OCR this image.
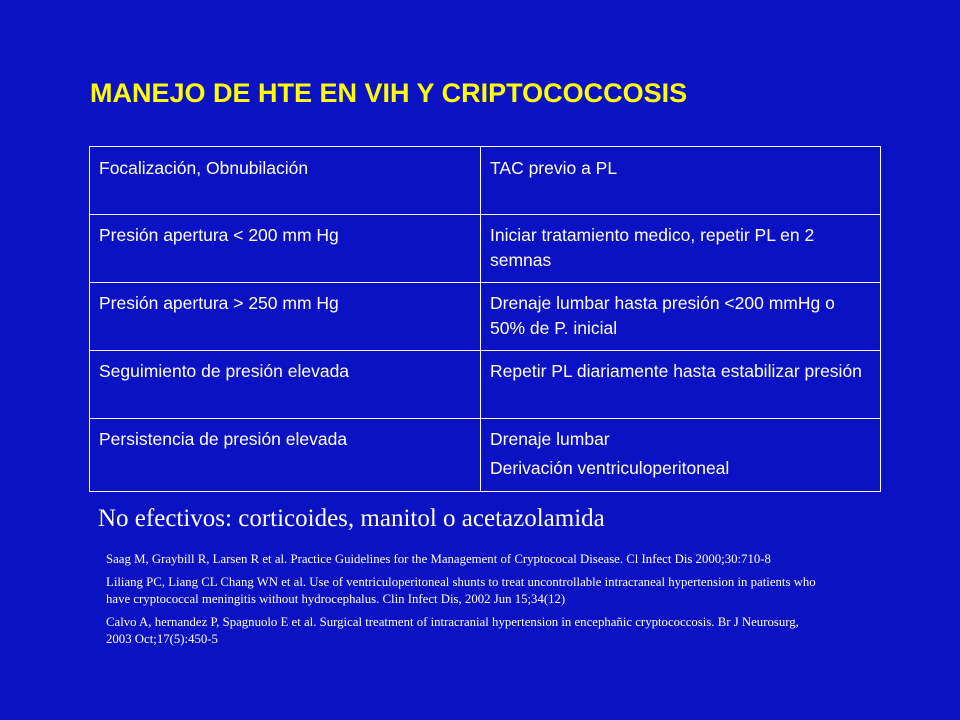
MANEJO DE HTE EN VIH Y CRIPTOCOCCOSIS
Focalización, Obnubilación	TAC previo a PL

Presión apertura < 200 mm Hg	Iniciar tratamiento medico, repetir PL en 2 semnas

Presión apertura > 250 mm Hg	Drenaje lumbar hasta presión <200 mmHg o 50% de P. inicial

Seguimiento de presión elevada	Repetir PL diariamente hasta estabilizar presión

Persistencia de presión elevada	Drenaje lumbar
Derivación ventriculoperitoneal
No efectivos: corticoides, manitol o acetazolamida

Saag M, Graybill R, Larsen R et al. Practice Guidelines for the Management of Cryptococal Disease. Cl Infect Dis 2000;30:710-8

Liliang PC, Liang CL Chang WN et al. Use of ventriculoperitoneal shunts to treat uncontrollable intracraneal hypertension in patients who have cryptococcal meningitis without hydrocephalus. Clin Infect Dis, 2002 Jun 15;34(12)

Calvo A, hernandez P, Spagnuolo E et al. Surgical treatment of intracranial hypertension in encephañic cryptococcosis. Br J Neurosurg, 2003 Oct;17(5):450-5
